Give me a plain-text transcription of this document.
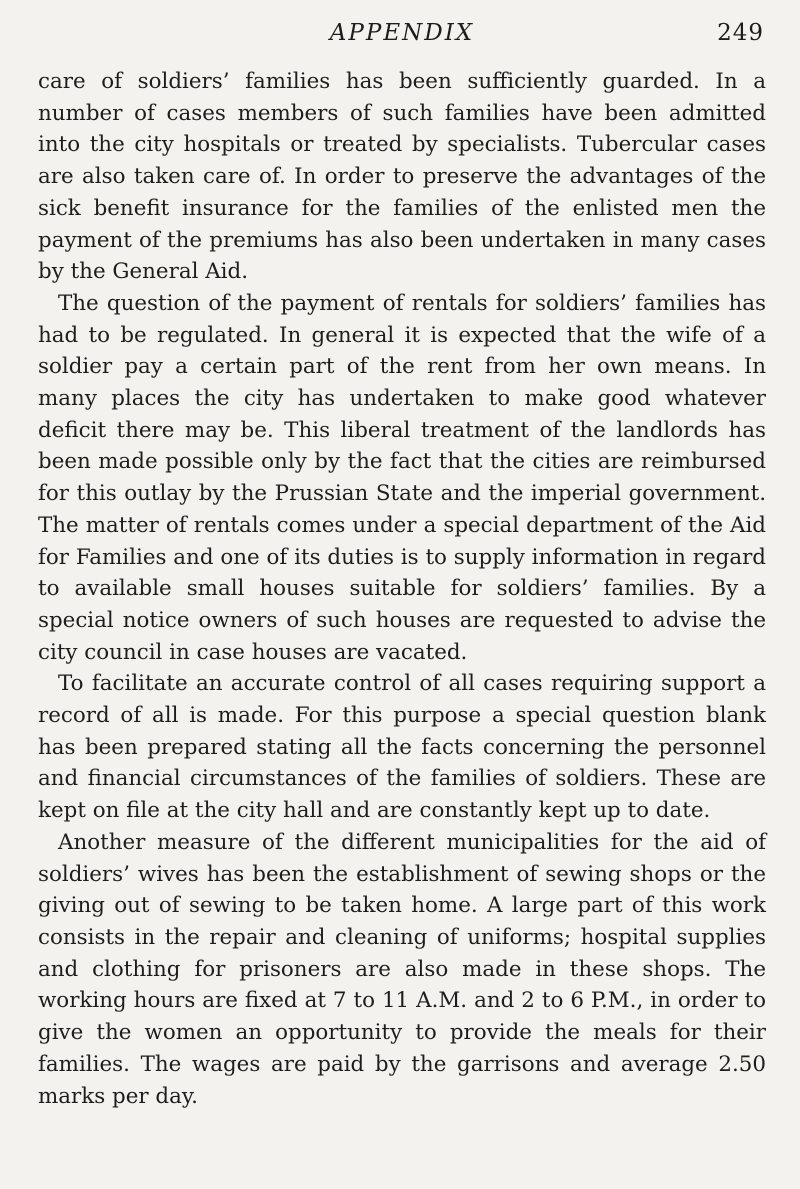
APPENDIX	249

care of soldiers’ families has been sufficiently guarded. In a number of cases members of such families have been admitted into the city hospitals or treated by specialists. Tubercular cases are also taken care of. In order to preserve the advantages of the sick benefit insurance for the families of the enlisted men the payment of the premiums has also been undertaken in many cases by the General Aid.

The question of the payment of rentals for soldiers’ families has had to be regulated. In general it is expected that the wife of a soldier pay a certain part of the rent from her own means. In many places the city has undertaken to make good whatever deficit there may be. This liberal treatment of the landlords has been made possible only by the fact that the cities are reimbursed for this outlay by the Prussian State and the imperial government. The matter of rentals comes under a special department of the Aid for Families and one of its duties is to supply information in regard to available small houses suitable for soldiers’ families. By a special notice owners of such houses are requested to advise the city council in case houses are vacated.

To facilitate an accurate control of all cases requiring support a record of all is made. For this purpose a special question blank has been prepared stating all the facts concerning the personnel and financial circumstances of the families of soldiers. These are kept on file at the city hall and are constantly kept up to date.

Another measure of the different municipalities for the aid of soldiers’ wives has been the establishment of sewing shops or the giving out of sewing to be taken home. A large part of this work consists in the repair and cleaning of uniforms; hospital supplies and clothing for prisoners are also made in these shops. The working hours are fixed at 7 to 11 A.M. and 2 to 6 P.M., in order to give the women an opportunity to provide the meals for their families. The wages are paid by the garrisons and average 2.50 marks per day.
